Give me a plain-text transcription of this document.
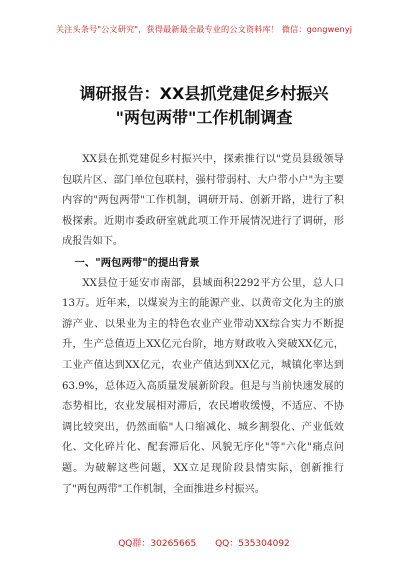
关注头条号"公文研究"，获得最新最全最专业的公文资料库！ 微信：gongwenyj
调研报告：XX县抓党建促乡村振兴
"两包两带"工作机制调查

XX县在抓党建促乡村振兴中，探索推行以"党员县级领导包联片区、部门单位包联村，强村带弱村、大户带小户"为主要内容的"两包两带"工作机制，调研开局、创新开路，进行了积极探索。近期市委政研室就此项工作开展情况进行了调研，形成报告如下。

一、"两包两带"的提出背景

XX县位于延安市南部，县域面积2292平方公里，总人口13万。近年来，以煤炭为主的能源产业、以黄帝文化为主的旅游产业、以果业为主的特色农业产业带动XX综合实力不断提升，生产总值迈上XX亿元台阶，地方财政收入突破XX亿元，工业产值达到XX亿元，农业产值达到XX亿元，城镇化率达到63.9%，总体迈入高质量发展新阶段。但是与当前快速发展的态势相比，农业发展相对滞后，农民增收缓慢，不适应、不协调比较突出，仍然面临"人口缩减化、城乡割裂化、产业低效化、文化碎片化、配套滞后化、风貌无序化"等"六化"痛点问题。为破解这些问题，XX立足现阶段县情实际，创新推行了"两包两带"工作机制，全面推进乡村振兴。

QQ群：30265665 QQ：535304092
